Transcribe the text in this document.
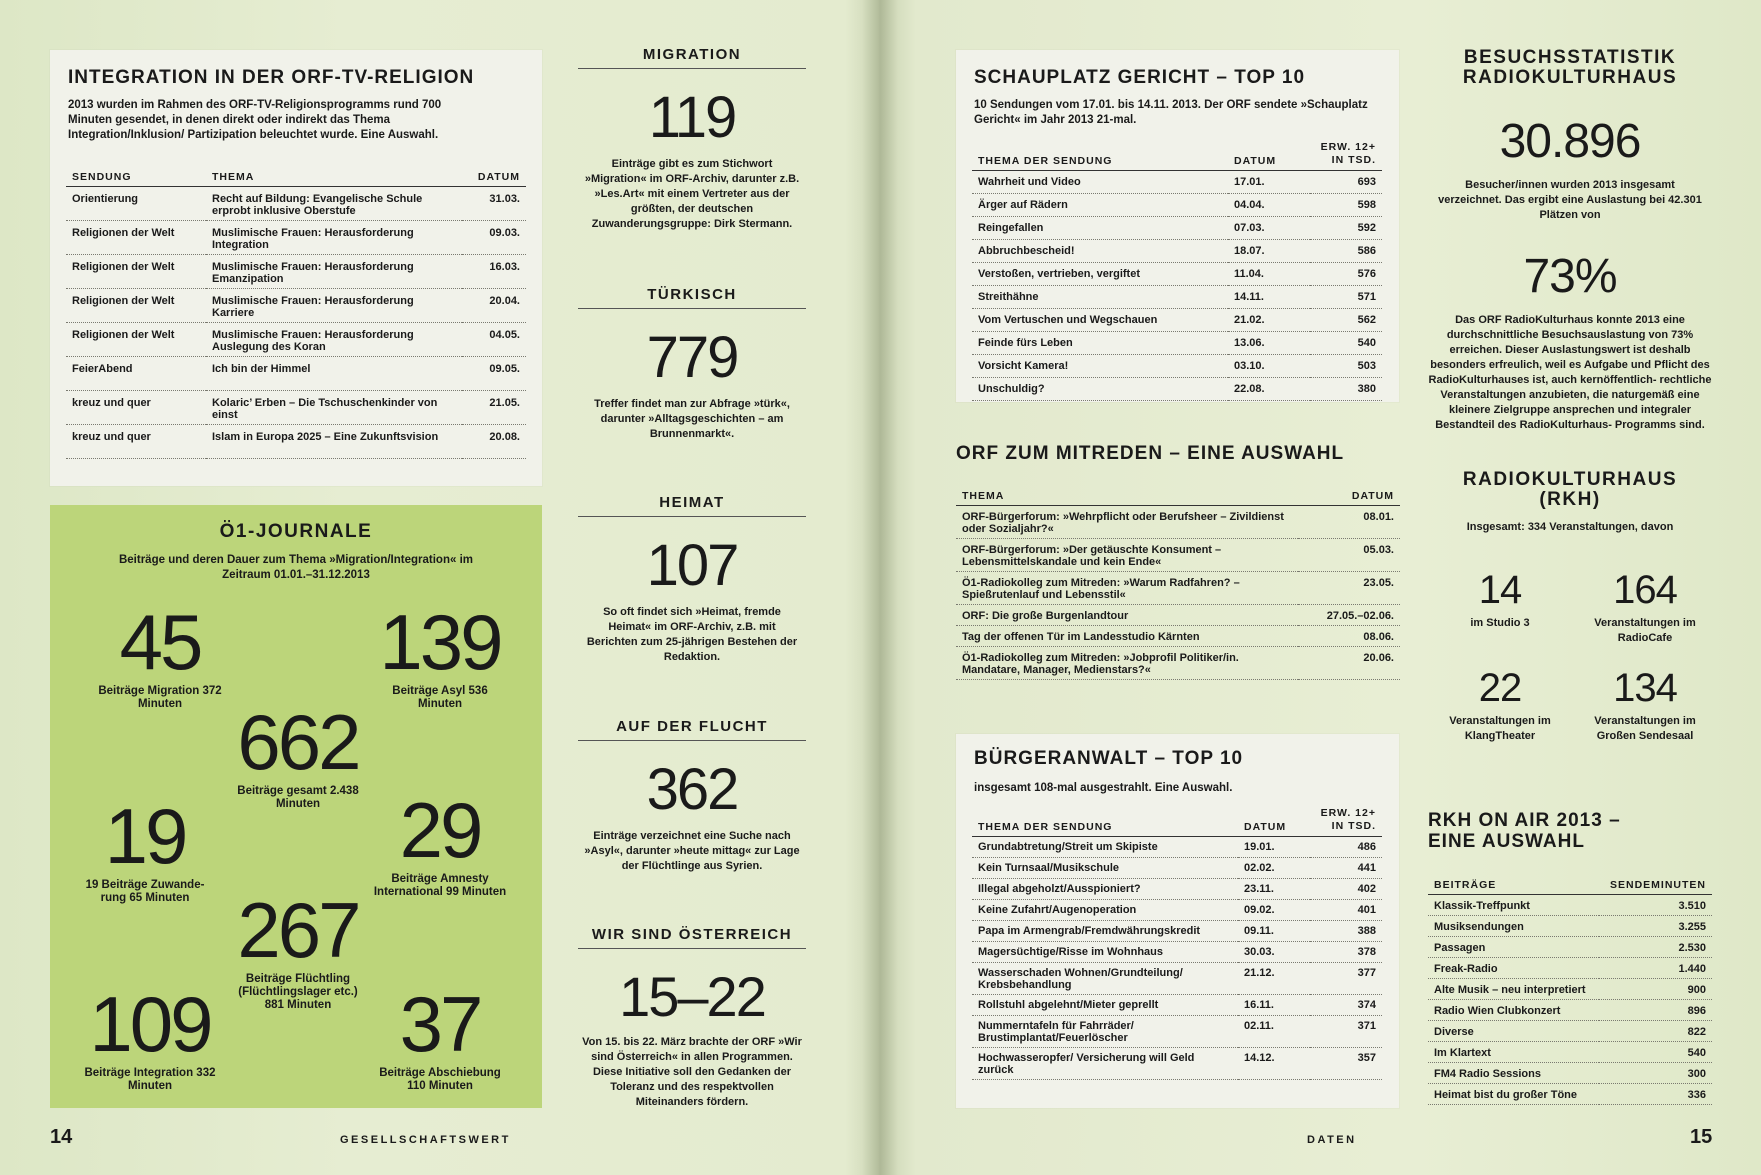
INTEGRATION IN DER ORF-TV-RELIGION
2013 wurden im Rahmen des ORF-TV-Religionsprogramms rund 700 Minuten gesendet, in denen direkt oder indirekt das Thema Integration/Inklusion/ Partizipation beleuchtet wurde. Eine Auswahl.
SENDUNG	THEMA	DATUM
Orientierung	Recht auf Bildung: Evangelische Schule erprobt inklusive Oberstufe	31.03.
Religionen der Welt	Muslimische Frauen: Herausforderung Integration	09.03.
Religionen der Welt	Muslimische Frauen: Herausforderung Emanzipation	16.03.
Religionen der Welt	Muslimische Frauen: Herausforderung Karriere	20.04.
Religionen der Welt	Muslimische Frauen: Herausforderung Auslegung des Koran	04.05.
FeierAbend	Ich bin der Himmel	09.05.
kreuz und quer	Kolaric’ Erben – Die Tschuschenkinder von einst	21.05.
kreuz und quer	Islam in Europa 2025 – Eine Zukunftsvision	20.08.
Ö1-JOURNALE
Beiträge und deren Dauer zum Thema »Migration/Integration« im Zeitraum 01.01.–31.12.2013
45
Beiträge Migration 372 Minuten
139
Beiträge Asyl 536 Minuten
662
Beiträge gesamt 2.438 Minuten
19
19 Beiträge Zuwande- rung 65 Minuten
29
Beiträge Amnesty International 99 Minuten
267
Beiträge Flüchtling (Flüchtlingslager etc.) 881 Minuten
109
Beiträge Integration 332 Minuten
37
Beiträge Abschiebung 110 Minuten
MIGRATION
119
Einträge gibt es zum Stichwort »Migration« im ORF-Archiv, darunter z.B. »Les.Art« mit einem Vertreter aus der größten, der deutschen Zuwanderungsgruppe: Dirk Stermann.
TÜRKISCH
779
Treffer findet man zur Abfrage »türk«, darunter »Alltagsgeschichten – am Brunnenmarkt«.
HEIMAT
107
So oft findet sich »Heimat, fremde Heimat« im ORF-Archiv, z.B. mit Berichten zum 25-jährigen Bestehen der Redaktion.
AUF DER FLUCHT
362
Einträge verzeichnet eine Suche nach »Asyl«, darunter »heute mittag« zur Lage der Flüchtlinge aus Syrien.
WIR SIND ÖSTERREICH
15–22
Von 15. bis 22. März brachte der ORF »Wir sind Österreich« in allen Programmen. Diese Initiative soll den Gedanken der Toleranz und des respektvollen Miteinanders fördern.
14	GESELLSCHAFTSWERT
SCHAUPLATZ GERICHT – TOP 10
10 Sendungen vom 17.01. bis 14.11. 2013. Der ORF sendete »Schauplatz Gericht« im Jahr 2013 21-mal.
THEMA DER SENDUNG	DATUM	ERW. 12+ IN TSD.
Wahrheit und Video	17.01.	693
Ärger auf Rädern	04.04.	598
Reingefallen	07.03.	592
Abbruchbescheid!	18.07.	586
Verstoßen, vertrieben, vergiftet	11.04.	576
Streithähne	14.11.	571
Vom Vertuschen und Wegschauen	21.02.	562
Feinde fürs Leben	13.06.	540
Vorsicht Kamera!	03.10.	503
Unschuldig?	22.08.	380
ORF ZUM MITREDEN – EINE AUSWAHL
THEMA	DATUM
ORF-Bürgerforum: »Wehrpflicht oder Berufsheer – Zivildienst oder Sozialjahr?«	08.01.
ORF-Bürgerforum: »Der getäuschte Konsument – Lebensmittelskandale und kein Ende«	05.03.
Ö1-Radiokolleg zum Mitreden: »Warum Radfahren? – Spießrutenlauf und Lebensstil«	23.05.
ORF: Die große Burgenlandtour	27.05.–02.06.
Tag der offenen Tür im Landesstudio Kärnten	08.06.
Ö1-Radiokolleg zum Mitreden: »Jobprofil Politiker/in. Mandatare, Manager, Medienstars?«	20.06.
BÜRGERANWALT – TOP 10
insgesamt 108-mal ausgestrahlt. Eine Auswahl.
THEMA DER SENDUNG	DATUM	ERW. 12+ IN TSD.
Grundabtretung/Streit um Skipiste	19.01.	486
Kein Turnsaal/Musikschule	02.02.	441
Illegal abgeholzt/Ausspioniert?	23.11.	402
Keine Zufahrt/Augenoperation	09.02.	401
Papa im Armengrab/Fremdwährungskredit	09.11.	388
Magersüchtige/Risse im Wohnhaus	30.03.	378
Wasserschaden Wohnen/Grundteilung/ Krebsbehandlung	21.12.	377
Rollstuhl abgelehnt/Mieter geprellt	16.11.	374
Nummerntafeln für Fahrräder/ Brustimplantat/Feuerlöscher	02.11.	371
Hochwasseropfer/ Versicherung will Geld zurück	14.12.	357
BESUCHSSTATISTIK
RADIOKULTURHAUS
30.896
Besucher/innen wurden 2013 insgesamt verzeichnet. Das ergibt eine Auslastung bei 42.301 Plätzen von
73%
Das ORF RadioKulturhaus konnte 2013 eine durchschnittliche Besuchsauslastung von 73% erreichen. Dieser Auslastungswert ist deshalb besonders erfreulich, weil es Aufgabe und Pflicht des RadioKulturhauses ist, auch kernöffentlich- rechtliche Veranstaltungen anzubieten, die naturgemäß eine kleinere Zielgruppe ansprechen und integraler Bestandteil des RadioKulturhaus- Programms sind.
RADIOKULTURHAUS
(RKH)
Insgesamt: 334 Veranstaltungen, davon
14
im Studio 3
164
Veranstaltungen im RadioCafe
22
Veranstaltungen im KlangTheater
134
Veranstaltungen im Großen Sendesaal
RKH ON AIR 2013 –
EINE AUSWAHL
BEITRÄGE	SENDEMINUTEN
Klassik-Treffpunkt	3.510
Musiksendungen	3.255
Passagen	2.530
Freak-Radio	1.440
Alte Musik – neu interpretiert	900
Radio Wien Clubkonzert	896
Diverse	822
Im Klartext	540
FM4 Radio Sessions	300
Heimat bist du großer Töne	336
DATEN	15
